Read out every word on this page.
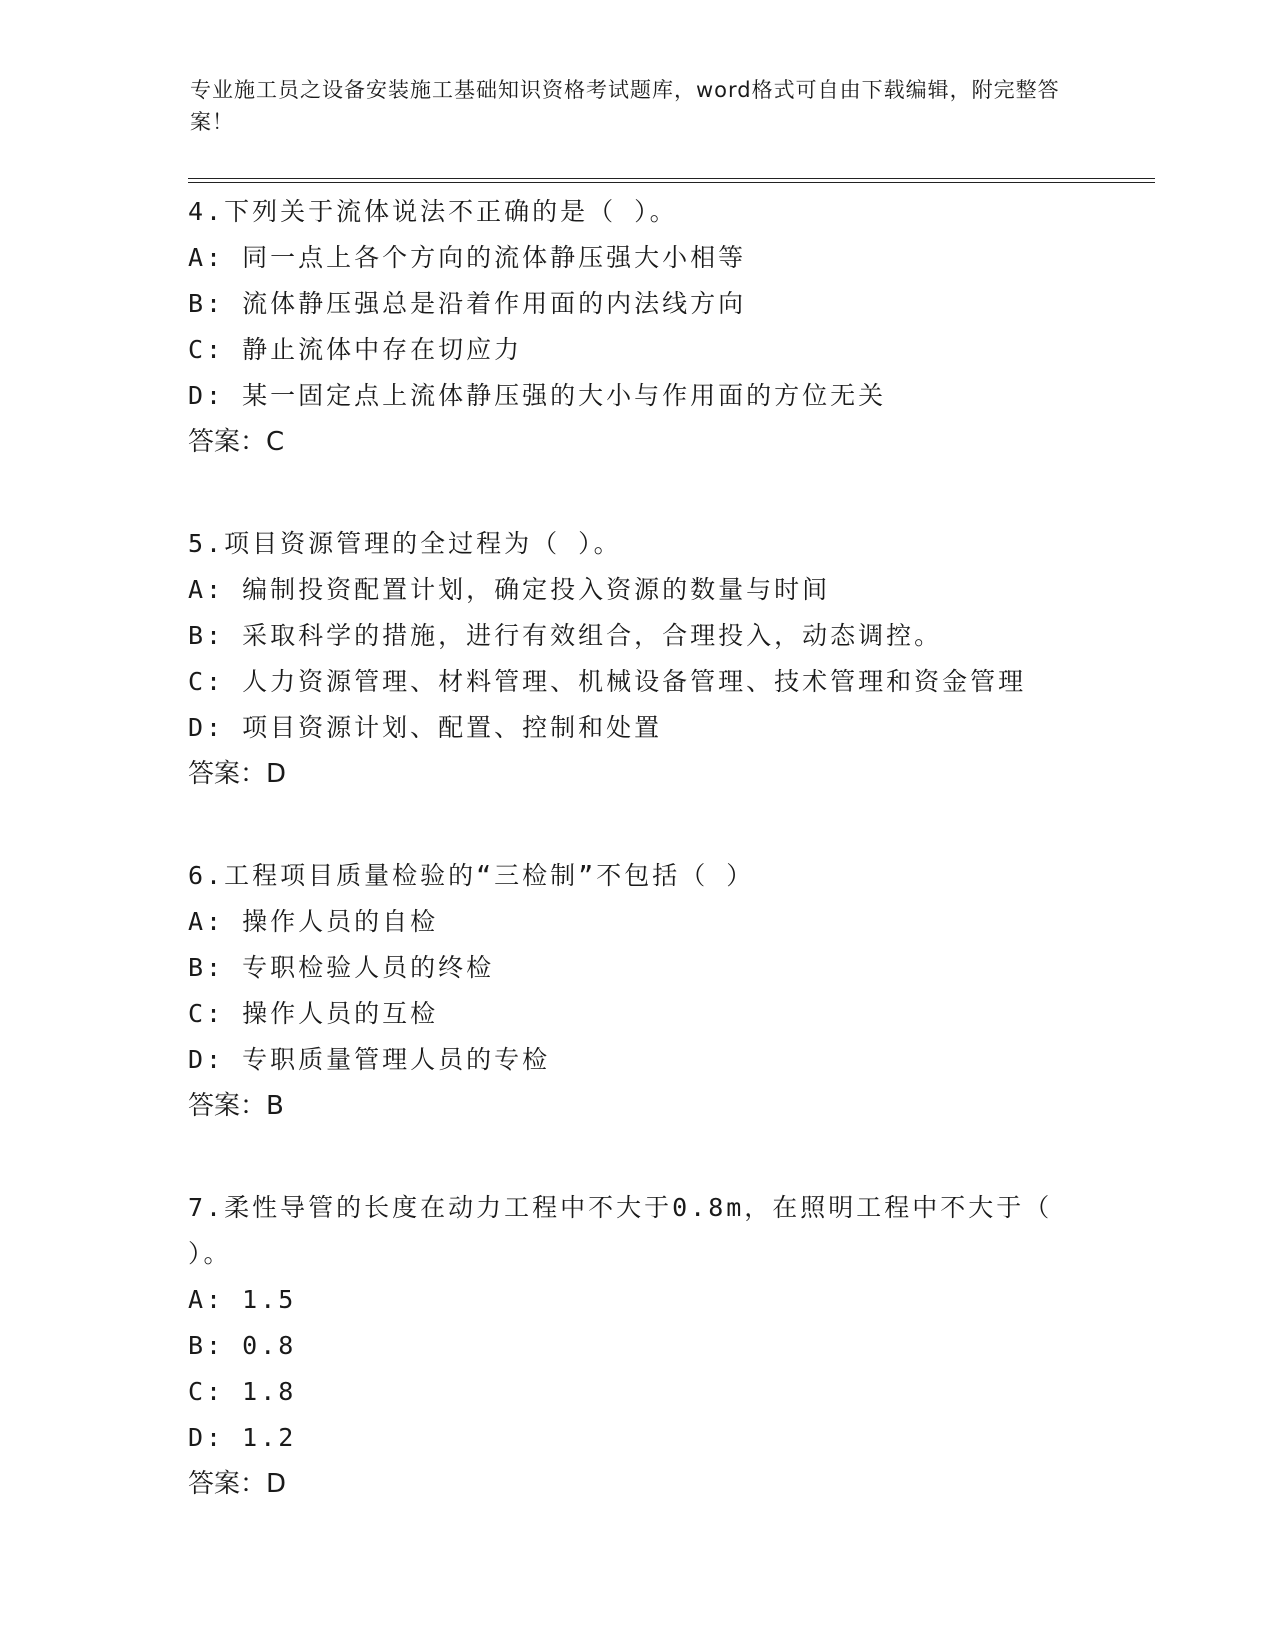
专业施工员之设备安装施工基础知识资格考试题库，word格式可自由下载编辑，附完整答案！
4.下列关于流体说法不正确的是（ ）。
A: 同一点上各个方向的流体静压强大小相等
B: 流体静压强总是沿着作用面的内法线方向
C: 静止流体中存在切应力
D: 某一固定点上流体静压强的大小与作用面的方位无关
答案：C
5.项目资源管理的全过程为（ ）。
A: 编制投资配置计划，确定投入资源的数量与时间
B: 采取科学的措施，进行有效组合，合理投入，动态调控。
C: 人力资源管理、材料管理、机械设备管理、技术管理和资金管理
D: 项目资源计划、配置、控制和处置
答案：D
6.工程项目质量检验的“三检制”不包括（ ）
A: 操作人员的自检
B: 专职检验人员的终检
C: 操作人员的互检
D: 专职质量管理人员的专检
答案：B
7.柔性导管的长度在动力工程中不大于0.8m，在照明工程中不大于（ ）。
A: 1.5
B: 0.8
C: 1.8
D: 1.2
答案：D
